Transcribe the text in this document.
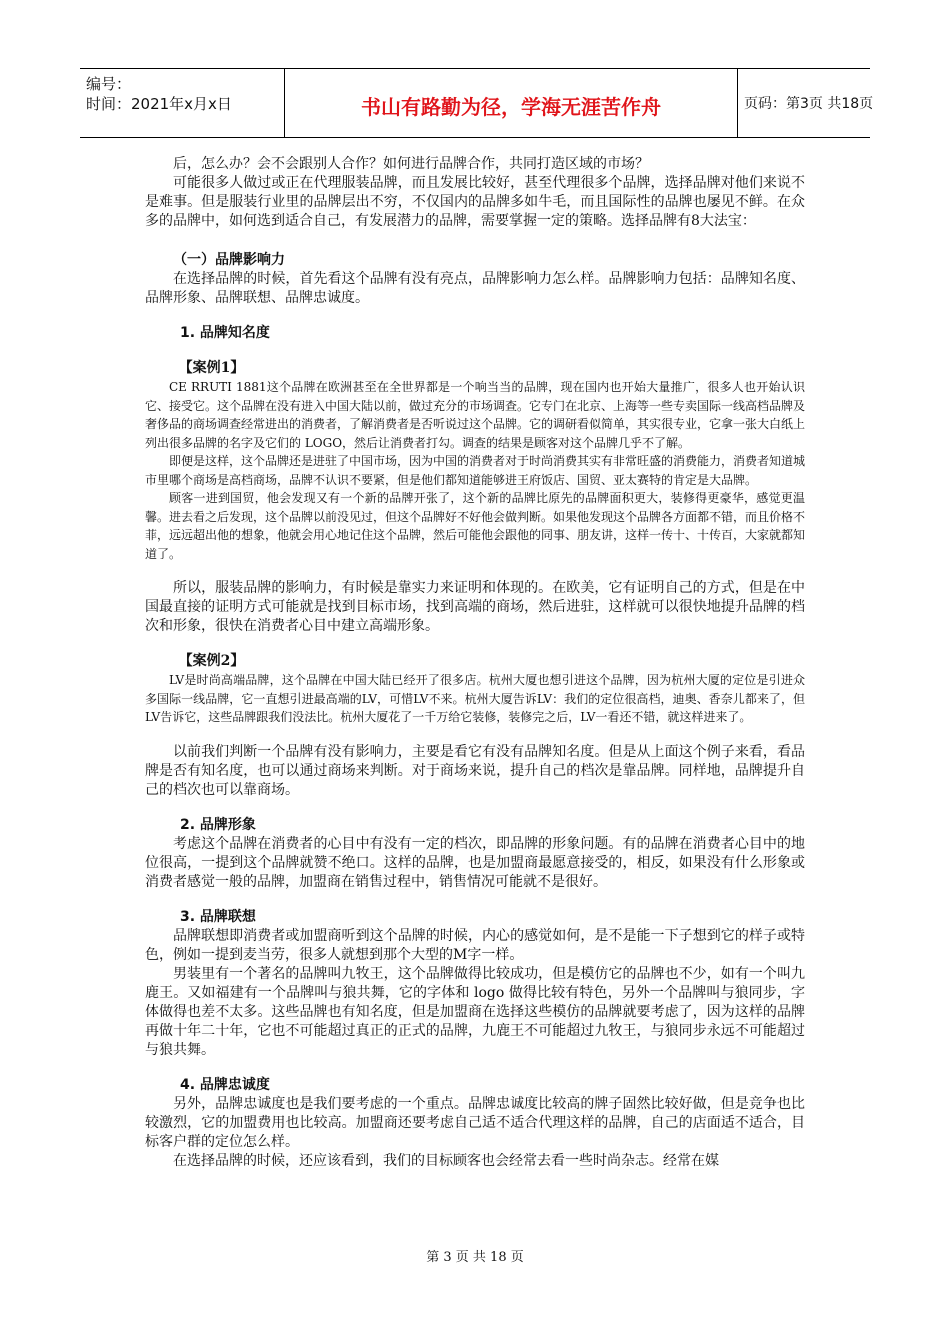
编号：
时间：2021年x月x日	书山有路勤为径，学海无涯苦作舟	页码：第3页 共18页

后，怎么办？会不会跟别人合作？如何进行品牌合作，共同打造区域的市场？

可能很多人做过或正在代理服装品牌，而且发展比较好，甚至代理很多个品牌，选择品牌对他们来说不是难事。但是服装行业里的品牌层出不穷，不仅国内的品牌多如牛毛，而且国际性的品牌也屡见不鲜。在众多的品牌中，如何选到适合自己，有发展潜力的品牌，需要掌握一定的策略。选择品牌有8大法宝：

（一）品牌影响力

在选择品牌的时候，首先看这个品牌有没有亮点，品牌影响力怎么样。品牌影响力包括：品牌知名度、品牌形象、品牌联想、品牌忠诚度。

1. 品牌知名度

【案例1】

CE RRUTI 1881这个品牌在欧洲甚至在全世界都是一个响当当的品牌，现在国内也开始大量推广，很多人也开始认识它、接受它。这个品牌在没有进入中国大陆以前，做过充分的市场调查。它专门在北京、上海等一些专卖国际一线高档品牌及奢侈品的商场调查经常进出的消费者，了解消费者是否听说过这个品牌。它的调研看似简单，其实很专业，它拿一张大白纸上列出很多品牌的名字及它们的 LOGO，然后让消费者打勾。调查的结果是顾客对这个品牌几乎不了解。

即便是这样，这个品牌还是进驻了中国市场，因为中国的消费者对于时尚消费其实有非常旺盛的消费能力，消费者知道城市里哪个商场是高档商场，品牌不认识不要紧，但是他们都知道能够进王府饭店、国贸、亚太赛特的肯定是大品牌。

顾客一进到国贸，他会发现又有一个新的品牌开张了，这个新的品牌比原先的品牌面积更大，装修得更豪华，感觉更温馨。进去看之后发现，这个品牌以前没见过，但这个品牌好不好他会做判断。如果他发现这个品牌各方面都不错，而且价格不菲，远远超出他的想象，他就会用心地记住这个品牌，然后可能他会跟他的同事、朋友讲，这样一传十、十传百，大家就都知道了。

所以，服装品牌的影响力，有时候是靠实力来证明和体现的。在欧美，它有证明自己的方式，但是在中国最直接的证明方式可能就是找到目标市场，找到高端的商场，然后进驻，这样就可以很快地提升品牌的档次和形象，很快在消费者心目中建立高端形象。

【案例2】

LV是时尚高端品牌，这个品牌在中国大陆已经开了很多店。杭州大厦也想引进这个品牌，因为杭州大厦的定位是引进众多国际一线品牌，它一直想引进最高端的LV，可惜LV不来。杭州大厦告诉LV：我们的定位很高档，迪奥、香奈儿都来了，但LV告诉它，这些品牌跟我们没法比。杭州大厦花了一千万给它装修，装修完之后，LV一看还不错，就这样进来了。

以前我们判断一个品牌有没有影响力，主要是看它有没有品牌知名度。但是从上面这个例子来看，看品牌是否有知名度，也可以通过商场来判断。对于商场来说，提升自己的档次是靠品牌。同样地，品牌提升自己的档次也可以靠商场。

2. 品牌形象

考虑这个品牌在消费者的心目中有没有一定的档次，即品牌的形象问题。有的品牌在消费者心目中的地位很高，一提到这个品牌就赞不绝口。这样的品牌，也是加盟商最愿意接受的，相反，如果没有什么形象或消费者感觉一般的品牌，加盟商在销售过程中，销售情况可能就不是很好。

3. 品牌联想

品牌联想即消费者或加盟商听到这个品牌的时候，内心的感觉如何，是不是能一下子想到它的样子或特色，例如一提到麦当劳，很多人就想到那个大型的M字一样。

男装里有一个著名的品牌叫九牧王，这个品牌做得比较成功，但是模仿它的品牌也不少，如有一个叫九鹿王。又如福建有一个品牌叫与狼共舞，它的字体和 logo 做得比较有特色，另外一个品牌叫与狼同步，字体做得也差不太多。这些品牌也有知名度，但是加盟商在选择这些模仿的品牌就要考虑了，因为这样的品牌再做十年二十年，它也不可能超过真正的正式的品牌，九鹿王不可能超过九牧王，与狼同步永远不可能超过与狼共舞。

4. 品牌忠诚度

另外，品牌忠诚度也是我们要考虑的一个重点。品牌忠诚度比较高的牌子固然比较好做，但是竞争也比较激烈，它的加盟费用也比较高。加盟商还要考虑自己适不适合代理这样的品牌，自己的店面适不适合，目标客户群的定位怎么样。

在选择品牌的时候，还应该看到，我们的目标顾客也会经常去看一些时尚杂志。经常在媒

第 3 页 共 18 页
